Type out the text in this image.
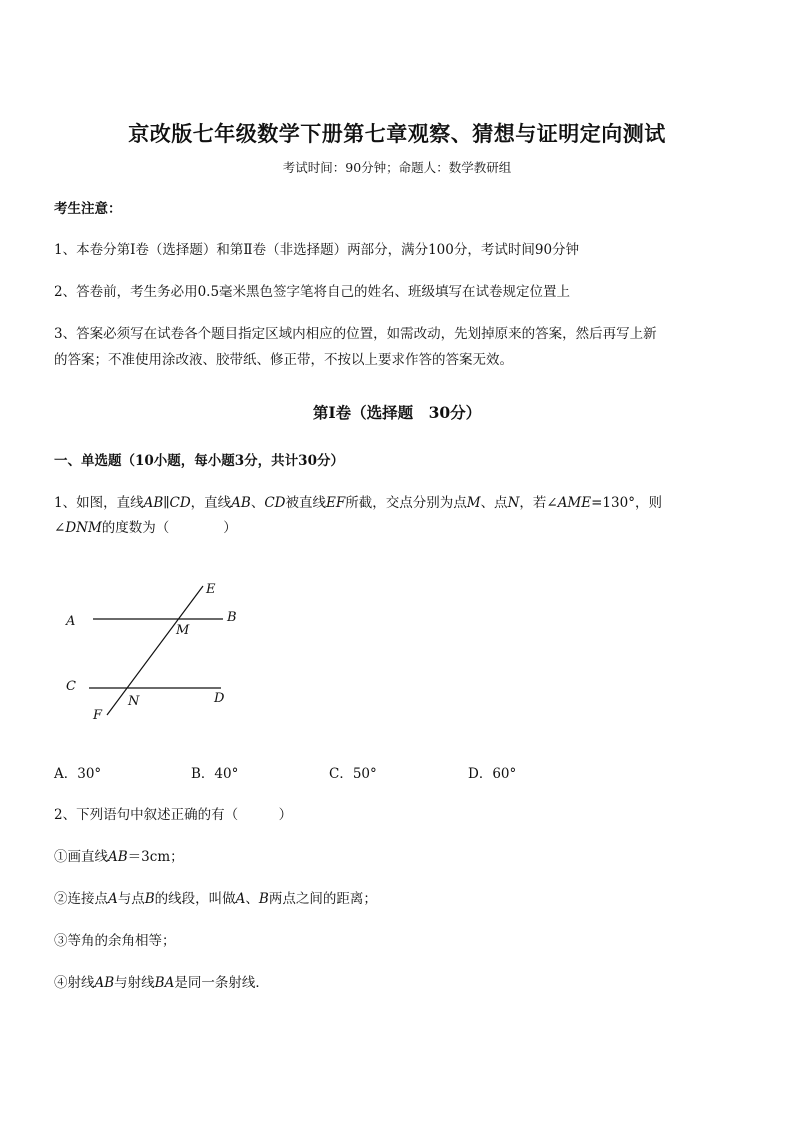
京改版七年级数学下册第七章观察、猜想与证明定向测试
考试时间：90分钟；命题人：数学教研组
考生注意：
1、本卷分第Ⅰ卷（选择题）和第Ⅱ卷（非选择题）两部分，满分100分，考试时间90分钟
2、答卷前，考生务必用0.5毫米黑色签字笔将自己的姓名、班级填写在试卷规定位置上
3、答案必须写在试卷各个题目指定区域内相应的位置，如需改动，先划掉原来的答案，然后再写上新
的答案；不准使用涂改液、胶带纸、修正带，不按以上要求作答的答案无效。
第Ⅰ卷（选择题　30分）
一、单选题（10小题，每小题3分，共计30分）
1、如图，直线AB∥CD，直线AB、CD被直线EF所截，交点分别为点M、点N，若∠AME=130°，则
∠DNM的度数为（　　　　）
A	B
C
D
E
F
M
N
A．30°	B．40°	C．50°	D．60°
2、下列语句中叙述正确的有（　　　）
①画直线AB＝3cm；
②连接点A与点B的线段，叫做A、B两点之间的距离；
③等角的余角相等；
④射线AB与射线BA是同一条射线．
